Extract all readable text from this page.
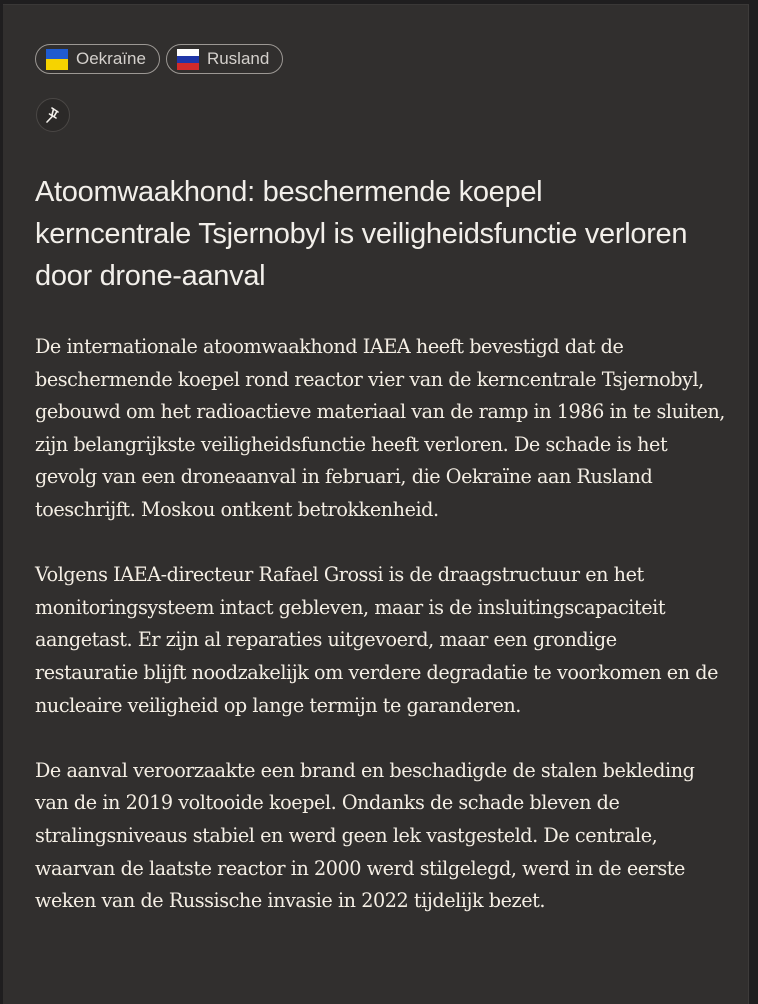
Oekraïne	Rusland
Atoomwaakhond: beschermende koepel kerncentrale Tsjernobyl is veiligheidsfunctie verloren door drone-aanval

De internationale atoomwaakhond IAEA heeft bevestigd dat de beschermende koepel rond reactor vier van de kerncentrale Tsjernobyl, gebouwd om het radioactieve materiaal van de ramp in 1986 in te sluiten, zijn belangrijkste veiligheidsfunctie heeft verloren. De schade is het gevolg van een droneaanval in februari, die Oekraïne aan Rusland toeschrijft. Moskou ontkent betrokkenheid.

Volgens IAEA-directeur Rafael Grossi is de draagstructuur en het monitoringsysteem intact gebleven, maar is de insluitingscapaciteit aangetast. Er zijn al reparaties uitgevoerd, maar een grondige restauratie blijft noodzakelijk om verdere degradatie te voorkomen en de nucleaire veiligheid op lange termijn te garanderen.

De aanval veroorzaakte een brand en beschadigde de stalen bekleding van de in 2019 voltooide koepel. Ondanks de schade bleven de stralingsniveaus stabiel en werd geen lek vastgesteld. De centrale, waarvan de laatste reactor in 2000 werd stilgelegd, werd in de eerste weken van de Russische invasie in 2022 tijdelijk bezet.
